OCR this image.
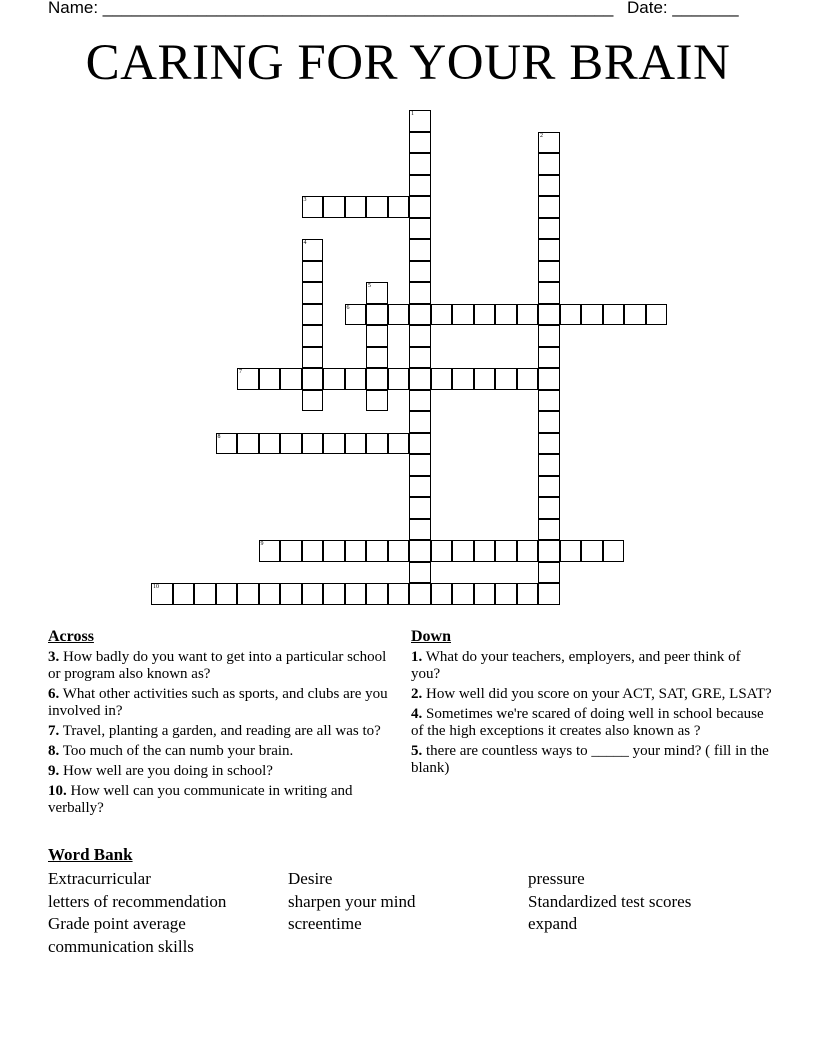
Name: ______________________________________________________ Date: _______
CARING FOR YOUR BRAIN
1
2
3
4
5
6
7
8
9
10
Across
3. How badly do you want to get into a particular school or program also known as?
6. What other activities such as sports, and clubs are you involved in?
7. Travel, planting a garden, and reading are all was to?
8. Too much of the can numb your brain.
9. How well are you doing in school?
10. How well can you communicate in writing and verbally?
Down
1. What do your teachers, employers, and peer think of you?
2. How well did you score on your ACT, SAT, GRE, LSAT?
4. Sometimes we're scared of doing well in school because of the high exceptions it creates also known as ?
5. there are countless ways to _____ your mind? ( fill in the blank)
Word Bank
Extracurricular
letters of recommendation
Grade point average
communication skills
Desire
sharpen your mind
screentime
pressure
Standardized test scores
expand
